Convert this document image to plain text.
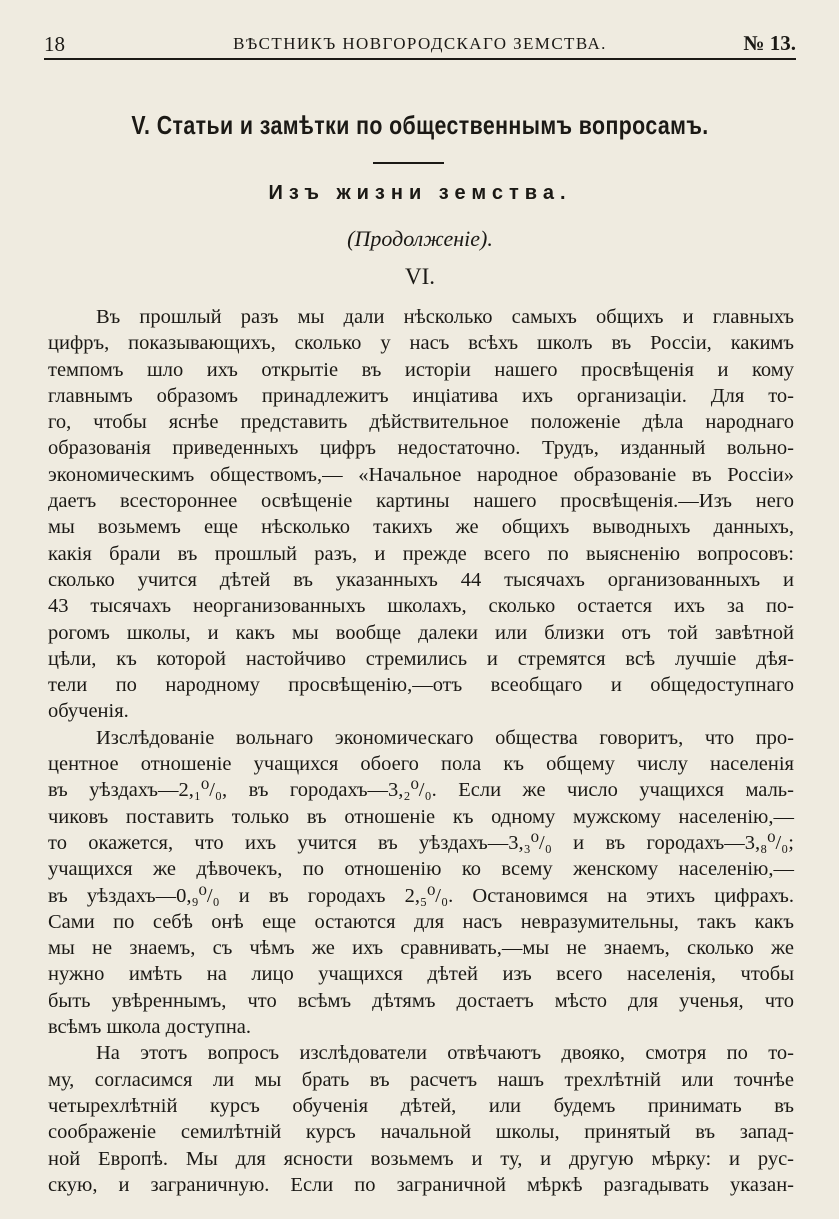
18	ВѢСТНИКЪ НОВГОРОДСКАГО ЗЕМСТВА.	№ 13.
V. Статьи и замѣтки по общественнымъ вопросамъ.
Изъ жизни земства.
(Продолженіе).
VI.
Въ прошлый разъ мы дали нѣсколько самыхъ общихъ и главныхъ
цифръ, показывающихъ, сколько у насъ всѣхъ школъ въ Россіи, какимъ
темпомъ шло ихъ открытіе въ исторіи нашего просвѣщенія и кому
главнымъ образомъ принадлежитъ инціатива ихъ организаціи. Для то-
го, чтобы яснѣе представить дѣйствительное положеніе дѣла народнаго
образованія приведенныхъ цифръ недостаточно. Трудъ, изданный вольно-
экономическимъ обществомъ,— «Начальное народное образованіе въ Россіи»
даетъ всестороннее освѣщеніе картины нашего просвѣщенія.—Изъ него
мы возьмемъ еще нѣсколько такихъ же общихъ выводныхъ данныхъ,
какія брали въ прошлый разъ, и прежде всего по выясненію вопросовъ:
сколько учится дѣтей въ указанныхъ 44 тысячахъ организованныхъ и
43 тысячахъ неорганизованныхъ школахъ, сколько остается ихъ за по-
рогомъ школы, и какъ мы вообще далеки или близки отъ той завѣтной
цѣли, къ которой настойчиво стремились и стремятся всѣ лучшіе дѣя-
тели по народному просвѣщенію,—отъ всеобщаго и общедоступнаго
обученія.
Изслѣдованіе вольнаго экономическаго общества говоритъ, что про-
центное отношеніе учащихся обоего пола къ общему числу населенія
въ уѣздахъ—2,₁⁰/₀, въ городахъ—3,₂⁰/₀. Если же число учащихся маль-
чиковъ поставить только въ отношеніе къ одному мужскому населенію,—
то окажется, что ихъ учится въ уѣздахъ—3,₃⁰/₀ и въ городахъ—3,₈⁰/₀;
учащихся же дѣвочекъ, по отношенію ко всему женскому населенію,—
въ уѣздахъ—0,₉⁰/₀ и въ городахъ 2,₅⁰/₀. Остановимся на этихъ цифрахъ.
Сами по себѣ онѣ еще остаются для насъ невразумительны, такъ какъ
мы не знаемъ, съ чѣмъ же ихъ сравнивать,—мы не знаемъ, сколько же
нужно имѣть на лицо учащихся дѣтей изъ всего населенія, чтобы
быть увѣреннымъ, что всѣмъ дѣтямъ достаетъ мѣсто для ученья, что
всѣмъ школа доступна.
На этотъ вопросъ изслѣдователи отвѣчаютъ двояко, смотря по то-
му, согласимся ли мы брать въ расчетъ нашъ трехлѣтній или точнѣе
четырехлѣтній курсъ обученія дѣтей, или будемъ принимать въ
соображеніе семилѣтній курсъ начальной школы, принятый въ запад-
ной Европѣ. Мы для ясности возьмемъ и ту, и другую мѣрку: и рус-
скую, и заграничную. Если по заграничной мѣркѣ разгадывать указан-
